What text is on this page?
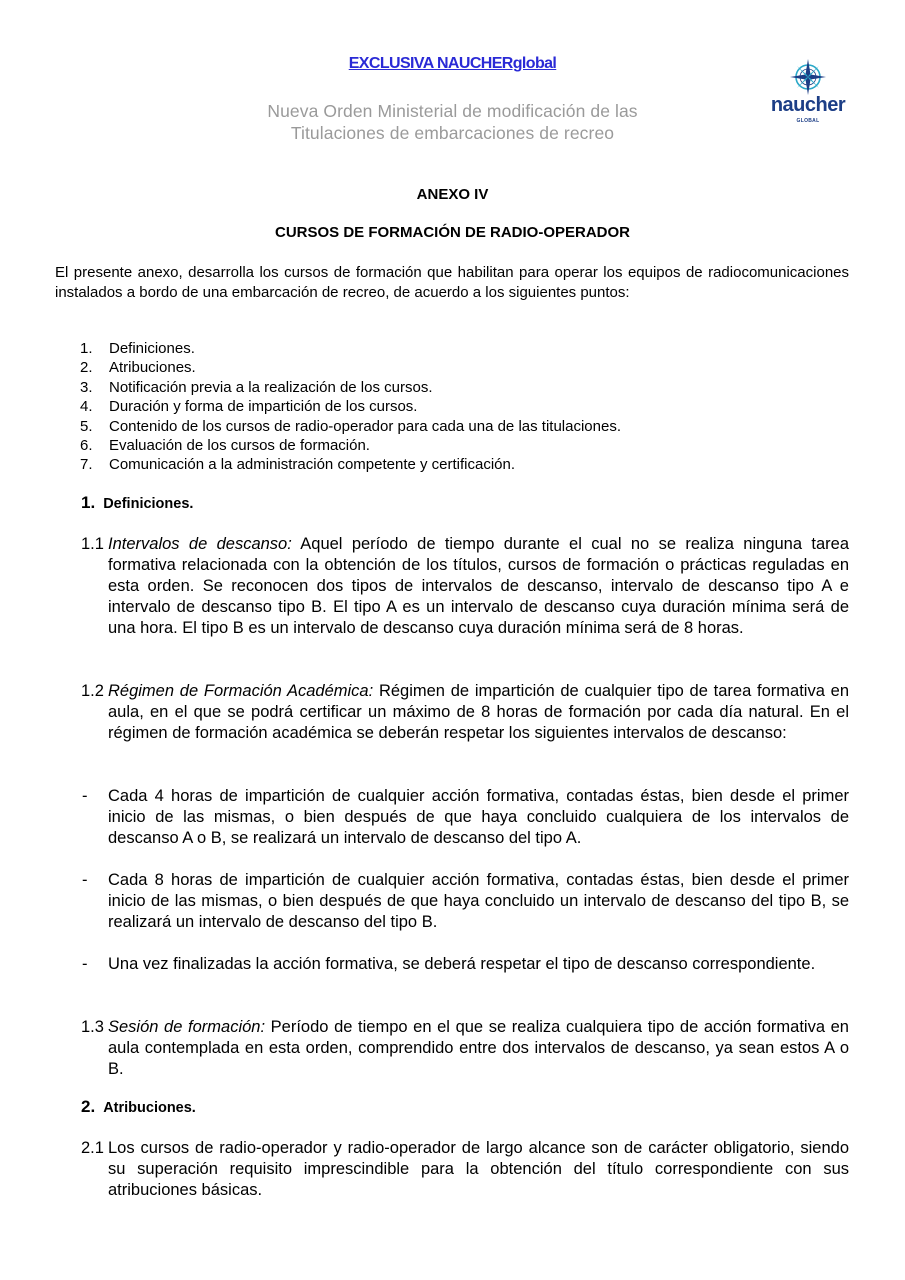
EXCLUSIVA NAUCHERglobal
Nueva Orden Ministerial de modificación de las
Titulaciones de embarcaciones de recreo
naucher
GLOBAL
ANEXO IV
CURSOS DE FORMACIÓN DE RADIO-OPERADOR
El presente anexo, desarrolla los cursos de formación que habilitan para operar los equipos de radiocomunicaciones instalados a bordo de una embarcación de recreo, de acuerdo a los siguientes puntos:
1. Definiciones.
2. Atribuciones.
3. Notificación previa a la realización de los cursos.
4. Duración y forma de impartición de los cursos.
5. Contenido de los cursos de radio-operador para cada una de las titulaciones.
6. Evaluación de los cursos de formación.
7. Comunicación a la administración competente y certificación.
1. Definiciones.
1.1 Intervalos de descanso: Aquel período de tiempo durante el cual no se realiza ninguna tarea formativa relacionada con la obtención de los títulos, cursos de formación o prácticas reguladas en esta orden. Se reconocen dos tipos de intervalos de descanso, intervalo de descanso tipo A e intervalo de descanso tipo B. El tipo A es un intervalo de descanso cuya duración mínima será de una hora. El tipo B es un intervalo de descanso cuya duración mínima será de 8 horas.
1.2 Régimen de Formación Académica: Régimen de impartición de cualquier tipo de tarea formativa en aula, en el que se podrá certificar un máximo de 8 horas de formación por cada día natural. En el régimen de formación académica se deberán respetar los siguientes intervalos de descanso:
- Cada 4 horas de impartición de cualquier acción formativa, contadas éstas, bien desde el primer inicio de las mismas, o bien después de que haya concluido cualquiera de los intervalos de descanso A o B, se realizará un intervalo de descanso del tipo A.
- Cada 8 horas de impartición de cualquier acción formativa, contadas éstas, bien desde el primer inicio de las mismas, o bien después de que haya concluido un intervalo de descanso del tipo B, se realizará un intervalo de descanso del tipo B.
- Una vez finalizadas la acción formativa, se deberá respetar el tipo de descanso correspondiente.
1.3 Sesión de formación: Período de tiempo en el que se realiza cualquiera tipo de acción formativa en aula contemplada en esta orden, comprendido entre dos intervalos de descanso, ya sean estos A o B.
2. Atribuciones.
2.1 Los cursos de radio-operador y radio-operador de largo alcance son de carácter obligatorio, siendo su superación requisito imprescindible para la obtención del título correspondiente con sus atribuciones básicas.
